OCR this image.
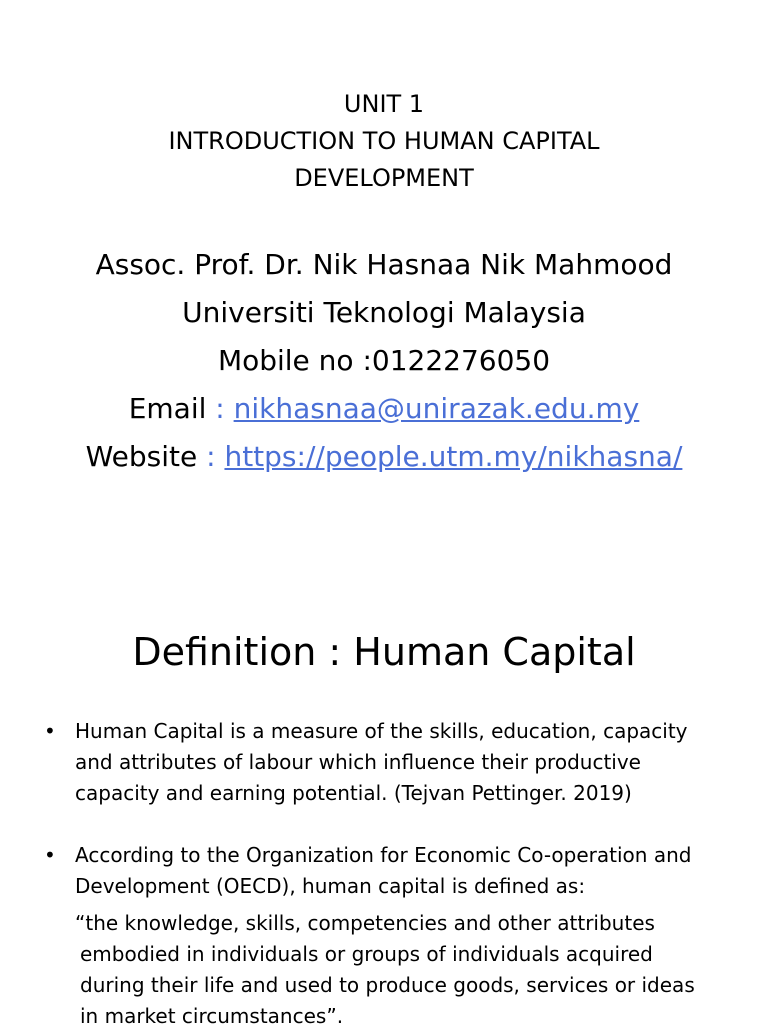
UNIT 1
INTRODUCTION TO HUMAN CAPITAL
DEVELOPMENT
Assoc. Prof. Dr. Nik Hasnaa Nik Mahmood
Universiti Teknologi Malaysia
Mobile no :0122276050
Email : nikhasnaa@unirazak.edu.my
Website : https://people.utm.my/nikhasna/
Definition : Human Capital
• Human Capital is a measure of the skills, education, capacity
and attributes of labour which influence their productive
capacity and earning potential. (Tejvan Pettinger. 2019)
• According to the Organization for Economic Co-operation and
Development (OECD), human capital is defined as:
“the knowledge, skills, competencies and other attributes
embodied in individuals or groups of individuals acquired
during their life and used to produce goods, services or ideas
in market circumstances”.
